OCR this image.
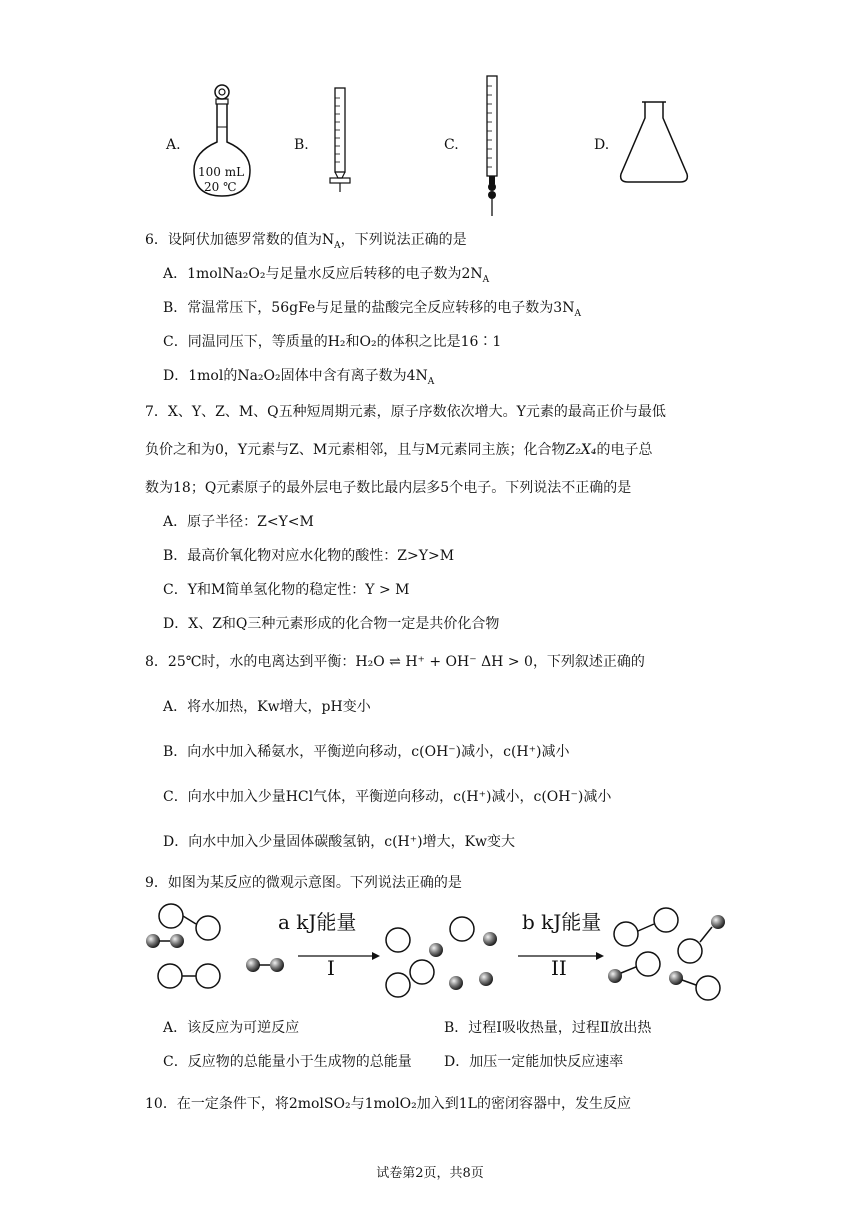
A.
100 mL
20 ℃
B.	C.	D.
6．设阿伏加德罗常数的值为$N_A$，下列说法正确的是
A．1molNa₂O₂与足量水反应后转移的电子数为$2N_A$
B．常温常压下，56gFe与足量的盐酸完全反应转移的电子数为$3N_A$
C．同温同压下，等质量的H₂和O₂的体积之比是16∶1
D．1mol的Na₂O₂固体中含有离子数为$4N_A$
7．X、Y、Z、M、Q五种短周期元素，原子序数依次增大。Y元素的最高正价与最低
负价之和为0，Y元素与Z、M元素相邻，且与M元素同主族；化合物Z₂X₄的电子总
数为18；Q元素原子的最外层电子数比最内层多5个电子。下列说法不正确的是
A．原子半径：Z<Y<M
B．最高价氧化物对应水化物的酸性：Z>Y>M
C．Y和M简单氢化物的稳定性：Y > M
D．X、Z和Q三种元素形成的化合物一定是共价化合物
8．25℃时，水的电离达到平衡：H₂O ⇌ H⁺ + OH⁻ ΔH > 0，下列叙述正确的
A．将水加热，Kw增大，pH变小
B．向水中加入稀氨水，平衡逆向移动，c(OH⁻)减小，c(H⁺)减小
C．向水中加入少量HCl气体，平衡逆向移动，c(H⁺)减小，c(OH⁻)减小
D．向水中加入少量固体碳酸氢钠，c(H⁺)增大，Kw变大
9．如图为某反应的微观示意图。下列说法正确的是
a kJ能量
I
b kJ能量
II
A．该反应为可逆反应	B．过程Ⅰ吸收热量，过程Ⅱ放出热
C．反应物的总能量小于生成物的总能量 D．加压一定能加快反应速率
10．在一定条件下，将2molSO₂与1molO₂加入到1L的密闭容器中，发生反应
试卷第2页，共8页
